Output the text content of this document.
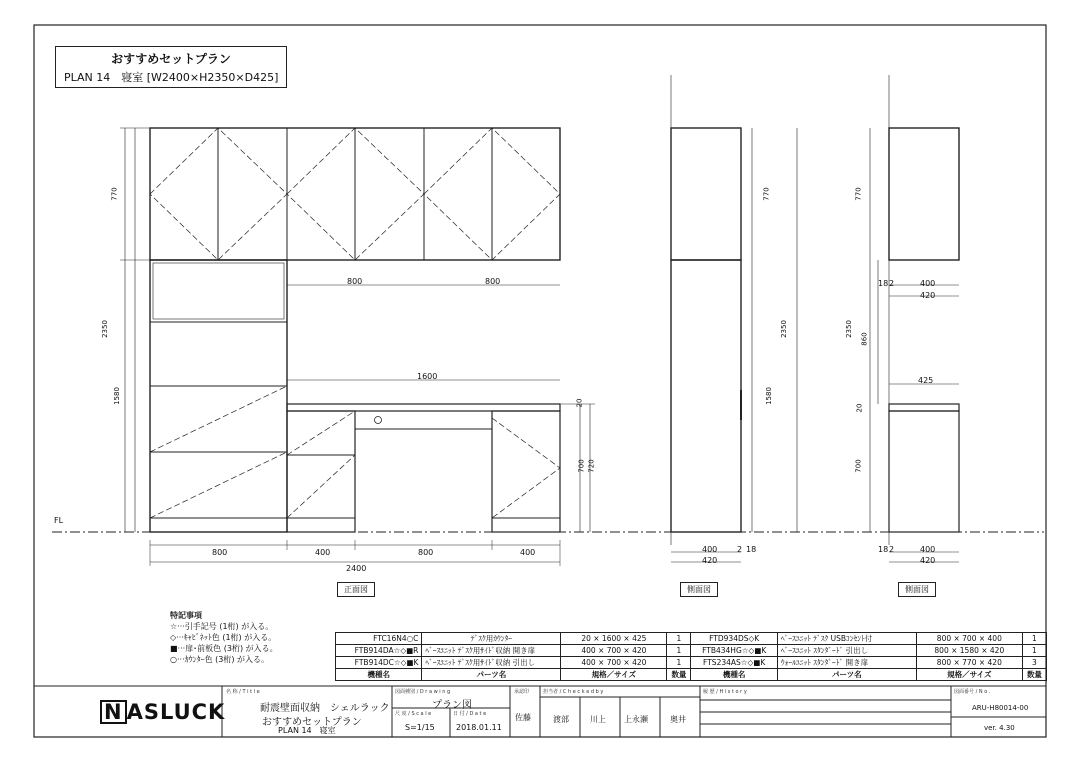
おすすめセットプラン
PLAN 14　寝室 [W2400×H2350×D425]
FL
770
2350
1580
800	800
1600
20
700 720
800	400	800	400
2400
正面図
770
2350
1580
400 2 18
420
側面図
770
2350
860
20
700
18 2	400
420
425
18 2	400
420
側面図
特記事項
☆···引手記号 (1桁) が入る。
◇···ｷｬﾋﾞﾈｯﾄ色 (1桁) が入る。
■···扉･前板色 (3桁) が入る。
○···ｶｳﾝﾀｰ色 (3桁) が入る。
FTC16N4○C	ﾃﾞｽｸ用ｶｳﾝﾀｰ	20 × 1600 × 425	1	FTD934DS◇K	ﾍﾞｰｽﾕﾆｯﾄ ﾃﾞｽｸ USBｺﾝｾﾝﾄ付	800 × 700 × 400	1
FTB914DA☆◇■R	ﾍﾞｰｽﾕﾆｯﾄ ﾃﾞｽｸ用ｻｲﾄﾞ収納 開き扉	400 × 700 × 420	1	FTB434HG☆◇■K	ﾍﾞｰｽﾕﾆｯﾄ ｽﾀﾝﾀﾞｰﾄﾞ 引出し	800 × 1580 × 420	1
FTB914DC☆◇■K	ﾍﾞｰｽﾕﾆｯﾄ ﾃﾞｽｸ用ｻｲﾄﾞ収納 引出し	400 × 700 × 420	1	FTS234AS☆◇■K	ｳｫｰﾙﾕﾆｯﾄ ｽﾀﾝﾀﾞｰﾄﾞ 開き扉	800 × 770 × 420	3
機種名	パーツ名	規格／サイズ	数量	機種名	パーツ名	規格／サイズ	数量
N ASLUCK
名 称 / T i t l e
耐震壁面収納　シェルラック
おすすめセットプラン
PLAN 14　寝室
図面種別 / D r a w i n g
プラン図
尺 度 / S c a l e
S=1/15
日 付 / D a t e
2018.01.11
承認印
佐藤
担当者 / C h e c k e d b y
渡部	川上 上永瀬	奥井
履 歴 / H i s t o r y	図面番号 / N o .
ARU-H80014-00
ver. 4.30
